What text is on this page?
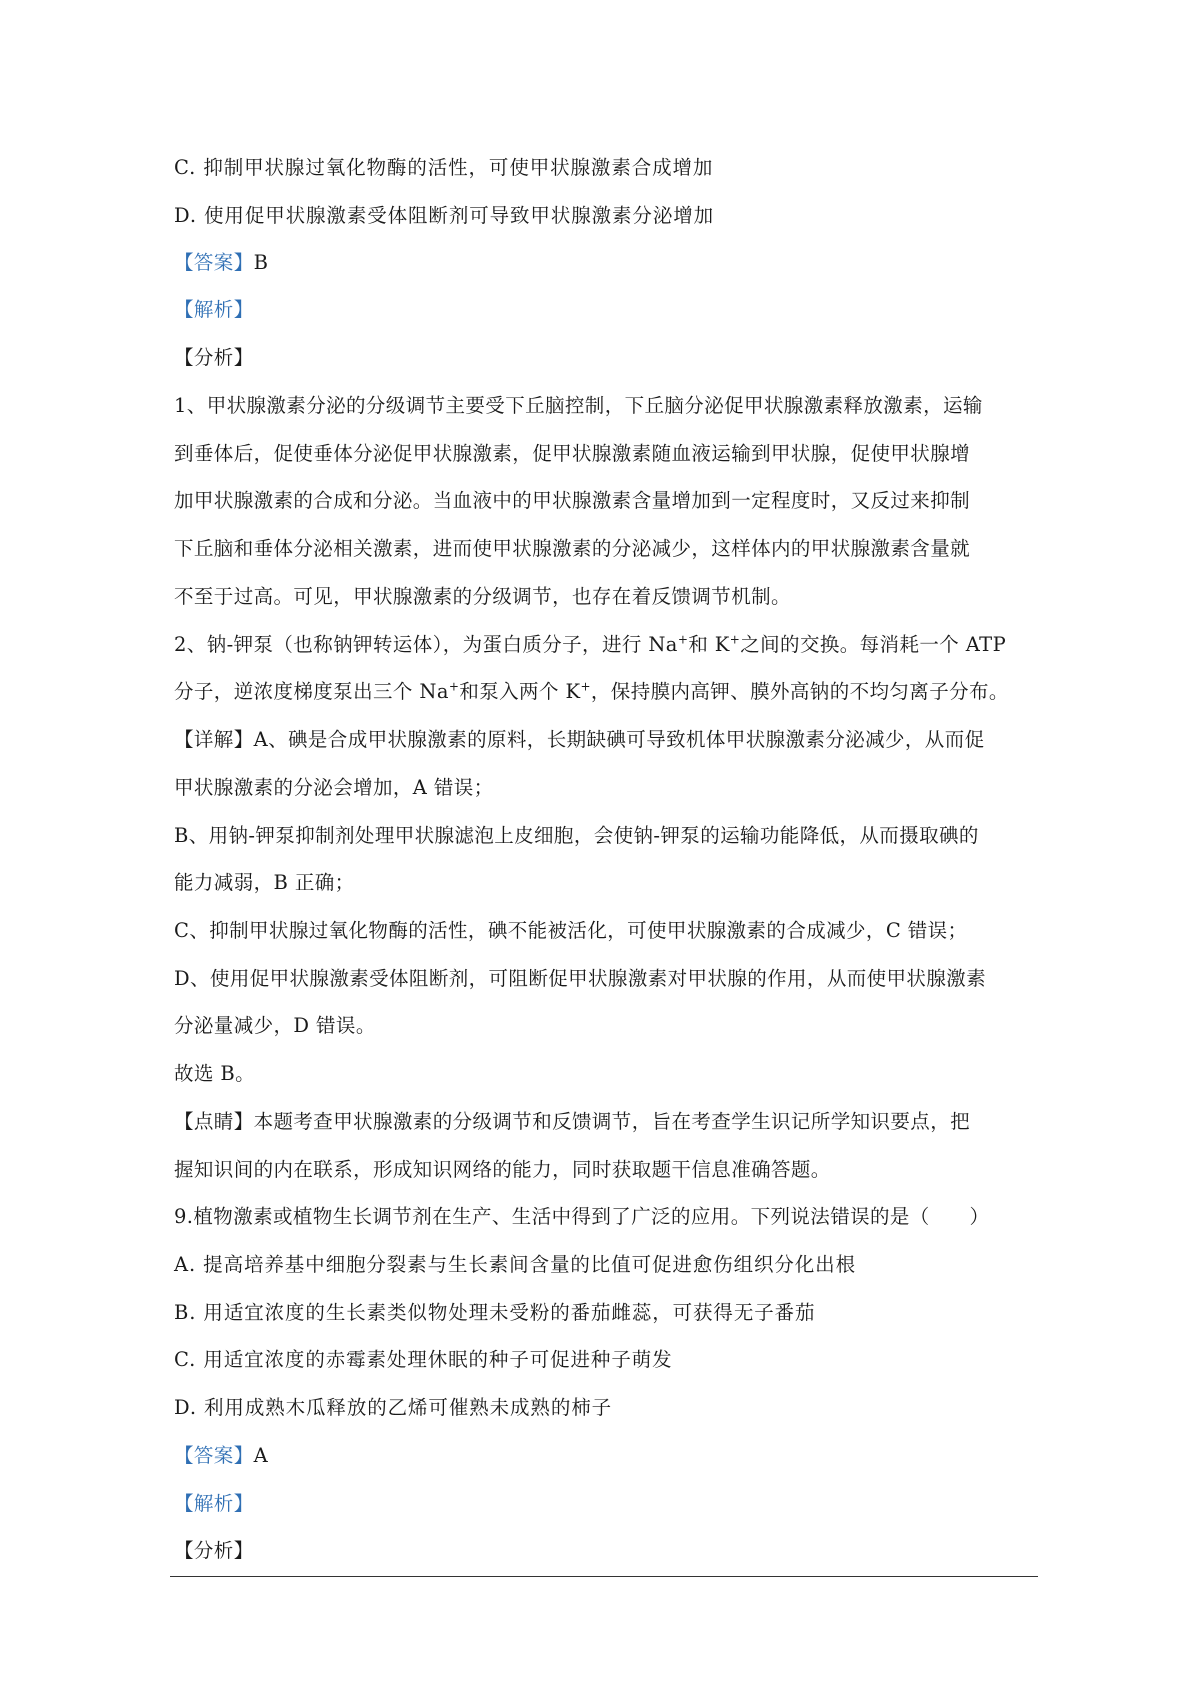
C. 抑制甲状腺过氧化物酶的活性，可使甲状腺激素合成增加
D. 使用促甲状腺激素受体阻断剂可导致甲状腺激素分泌增加
【答案】B
【解析】
【分析】
1、甲状腺激素分泌的分级调节主要受下丘脑控制，下丘脑分泌促甲状腺激素释放激素，运输
到垂体后，促使垂体分泌促甲状腺激素，促甲状腺激素随血液运输到甲状腺，促使甲状腺增
加甲状腺激素的合成和分泌。当血液中的甲状腺激素含量增加到一定程度时，又反过来抑制
下丘脑和垂体分泌相关激素，进而使甲状腺激素的分泌减少，这样体内的甲状腺激素含量就
不至于过高。可见，甲状腺激素的分级调节，也存在着反馈调节机制。
2、钠-钾泵（也称钠钾转运体），为蛋白质分子，进行 Na+和 K+之间的交换。每消耗一个 ATP
分子，逆浓度梯度泵出三个 Na+和泵入两个 K+，保持膜内高钾、膜外高钠的不均匀离子分布。
【详解】A、碘是合成甲状腺激素的原料，长期缺碘可导致机体甲状腺激素分泌减少，从而促
甲状腺激素的分泌会增加，A 错误；
B、用钠-钾泵抑制剂处理甲状腺滤泡上皮细胞，会使钠-钾泵的运输功能降低，从而摄取碘的
能力减弱，B 正确；
C、抑制甲状腺过氧化物酶的活性，碘不能被活化，可使甲状腺激素的合成减少，C 错误；
D、使用促甲状腺激素受体阻断剂，可阻断促甲状腺激素对甲状腺的作用，从而使甲状腺激素
分泌量减少，D 错误。
故选 B。
【点睛】本题考查甲状腺激素的分级调节和反馈调节，旨在考查学生识记所学知识要点，把
握知识间的内在联系，形成知识网络的能力，同时获取题干信息准确答题。
9.植物激素或植物生长调节剂在生产、生活中得到了广泛的应用。下列说法错误的是（　　）
A. 提高培养基中细胞分裂素与生长素间含量的比值可促进愈伤组织分化出根
B. 用适宜浓度的生长素类似物处理未受粉的番茄雌蕊，可获得无子番茄
C. 用适宜浓度的赤霉素处理休眠的种子可促进种子萌发
D. 利用成熟木瓜释放的乙烯可催熟未成熟的柿子
【答案】A
【解析】
【分析】
